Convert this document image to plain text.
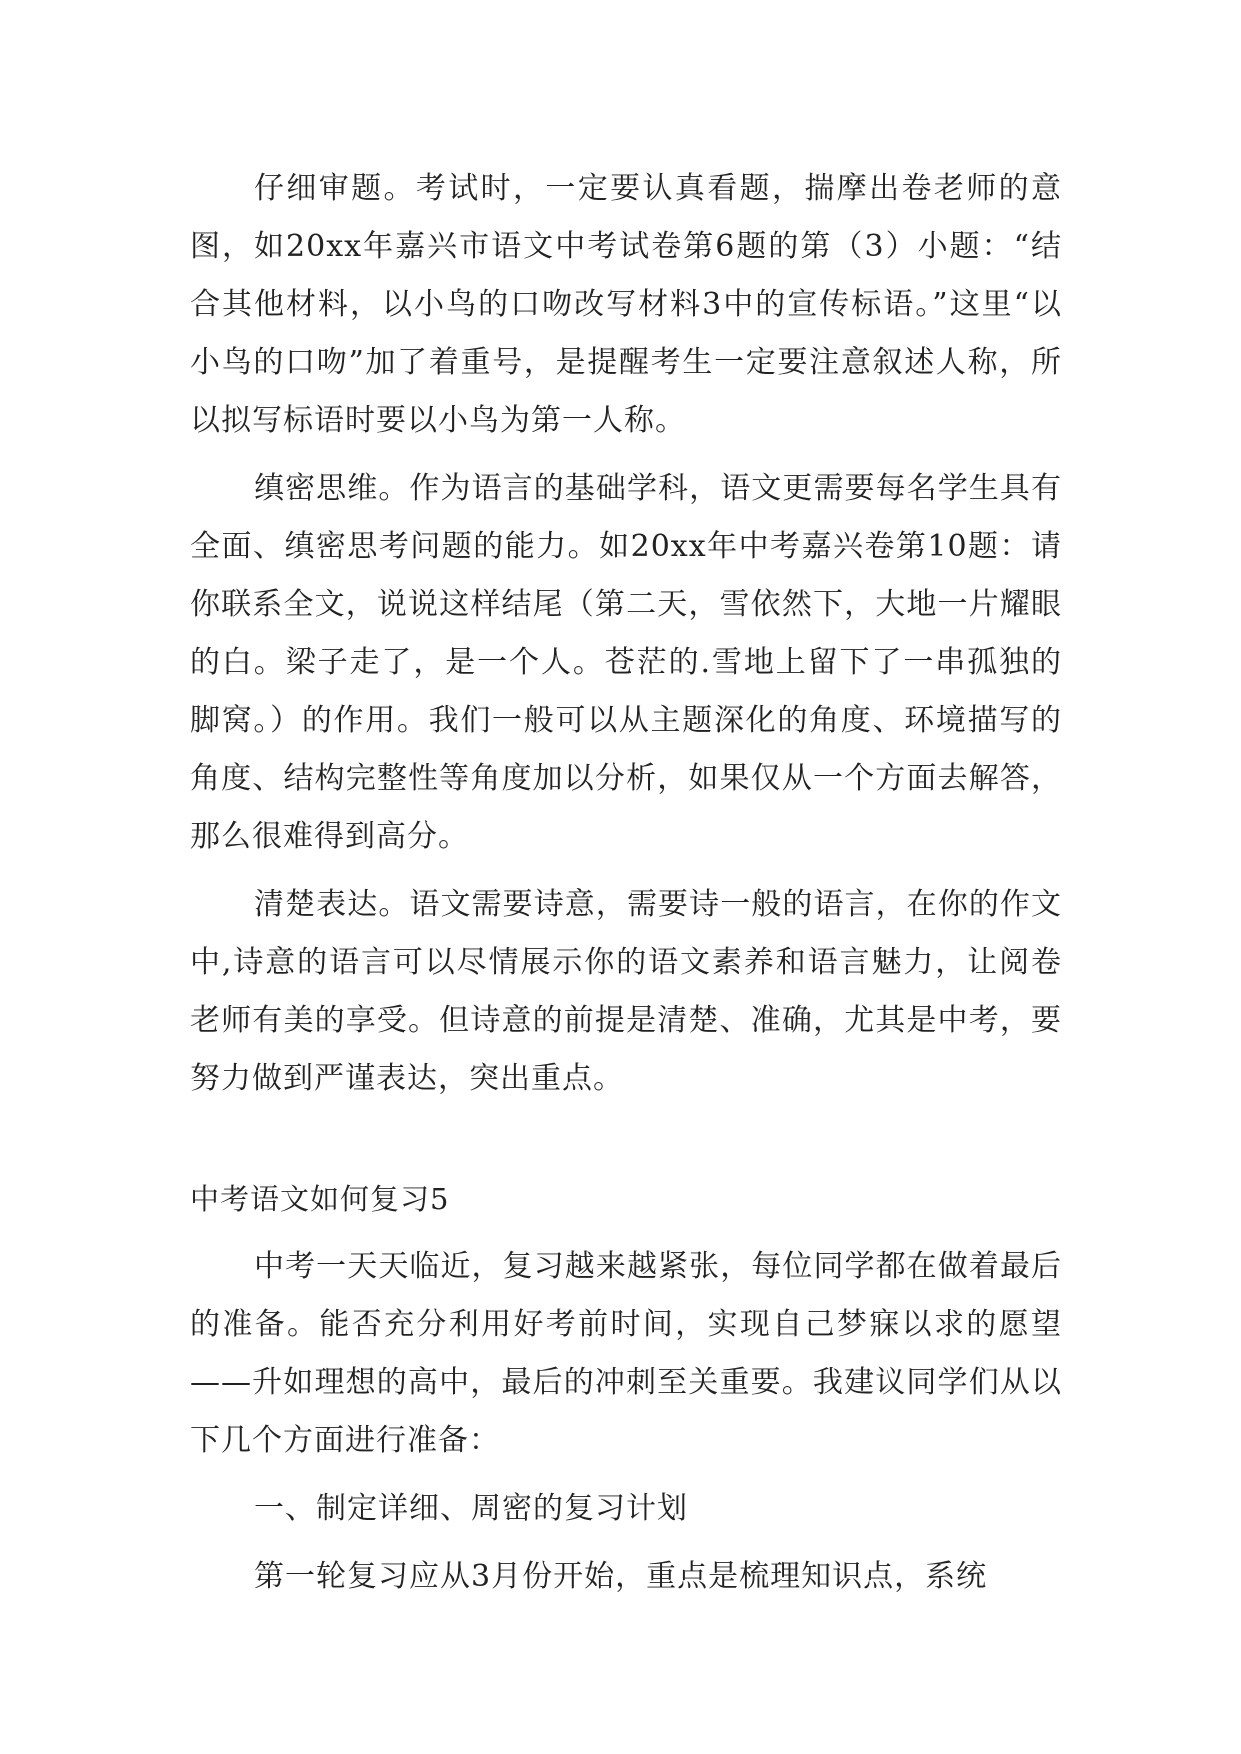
仔细审题。考试时，一定要认真看题，揣摩出卷老师的意图，如20xx年嘉兴市语文中考试卷第6题的第（3）小题：“结合其他材料，以小鸟的口吻改写材料3中的宣传标语。”这里“以小鸟的口吻”加了着重号，是提醒考生一定要注意叙述人称，所以拟写标语时要以小鸟为第一人称。

缜密思维。作为语言的基础学科，语文更需要每名学生具有全面、缜密思考问题的能力。如20xx年中考嘉兴卷第10题：请你联系全文，说说这样结尾（第二天，雪依然下，大地一片耀眼的白。梁子走了，是一个人。苍茫的.雪地上留下了一串孤独的脚窝。）的作用。我们一般可以从主题深化的角度、环境描写的角度、结构完整性等角度加以分析，如果仅从一个方面去解答，那么很难得到高分。

清楚表达。语文需要诗意，需要诗一般的语言，在你的作文中,诗意的语言可以尽情展示你的语文素养和语言魅力，让阅卷老师有美的享受。但诗意的前提是清楚、准确，尤其是中考，要努力做到严谨表达，突出重点。

中考语文如何复习5

中考一天天临近，复习越来越紧张，每位同学都在做着最后的准备。能否充分利用好考前时间，实现自己梦寐以求的愿望——升如理想的高中，最后的冲刺至关重要。我建议同学们从以下几个方面进行准备：

一、制定详细、周密的复习计划

第一轮复习应从3月份开始，重点是梳理知识点，系统
